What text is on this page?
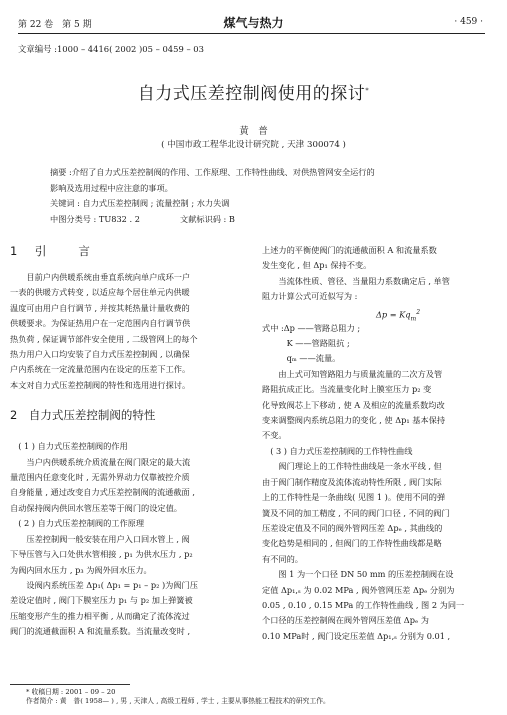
第 22 卷　第 5 期	煤气与热力	· 459 ·
文章编号 :1000 – 4416( 2002 )05 – 0459 – 03
自力式压差控制阀使用的探讨*
黄　普
( 中国市政工程华北设计研究院 , 天津 300074 )
摘要 :介绍了自力式压差控制阀的作用、工作原理、工作特性曲线、对供热管网安全运行的
影响及选用过程中应注意的事项。
关键词 : 自力式压差控制阀 ; 流量控制 ; 水力失调
中图分类号 : TU832 . 2	文献标识码 : B
1　引　　言
　　目前户内供暖系统由垂直系统向单户成环一户
一表的供暖方式转变 , 以适应每个居住单元内供暖
温度可由用户自行调节 , 并按其耗热量计量收费的
供暖要求。为保证热用户在一定范围内自行调节供
热负荷 , 保证调节部件安全使用 , 二级管网上的每个
热力用户入口均安装了自力式压差控制阀 , 以确保
户内系统在一定流量范围内在设定的压差下工作。
本文对自力式压差控制阀的特性和选用进行探讨。
2　自力式压差控制阀的特性
　( 1 ) 自力式压差控制阀的作用
　　当户内供暖系统介质流量在阀门限定的最大流
量范围内任意变化时 , 无需外界动力仅靠被控介质
自身能量 , 通过改变自力式压差控制阀的流通截面 ,
自动保持阀内供回水管压差等于阀门的设定值。
　( 2 ) 自力式压差控制阀的工作原理
　　压差控制阀一般安装在用户入口回水管上 , 阀
下导压管与入口处供水管相接 , p₁ 为供水压力 , p₂
为阀内回水压力 , p₃ 为阀外回水压力。
　　设阀内系统压差 Δp₁( Δp₁ = p₁ – p₂ )为阀门压
差设定值时 , 阀门下膜室压力 p₁ 与 p₂ 加上弹簧被
压缩变形产生的推力相平衡 , 从而确定了流体流过
阀门的流通截面积 A 和流量系数。当流量改变时 ,
上述力的平衡使阀门的流通截面积 A 和流量系数
发生变化 , 但 Δp₁ 保持不变。
　　当流体性质、管径、当量阻力系数确定后 , 单管
阻力计算公式可近似写为 :
$\Delta p = Kq_m^2$
式中 :Δp ——管路总阻力 ;
　　　K ——管路阻抗 ;
　　　qₘ ——流量。
　　由上式可知管路阻力与质量流量的二次方及管
路阻抗成正比。当流量变化时上膜室压力 p₂ 变
化导致阀芯上下移动 , 使 A 及相应的流量系数均改
变来调整阀内系统总阻力的变化 , 使 Δp₁ 基本保持
不变。
　( 3 ) 自力式压差控制阀的工作特性曲线
　　阀门理论上的工作特性曲线是一条水平线 , 但
由于阀门制作精度及流体流动特性所限 , 阀门实际
上的工作特性是一条曲线( 见图 1 )。使用不同的弹
簧及不同的加工精度 , 不同的阀门口径 , 不同的阀门
压差设定值及不同的阀外管网压差 Δpₑ , 其曲线的
变化趋势是相同的 , 但阀门的工作特性曲线都是略
有不同的。
　　图 1 为一个口径 DN 50 mm 的压差控制阀在设
定值 Δp₁,ₛ 为 0.02 MPa , 阀外管网压差 Δpₑ 分别为
0.05 , 0.10 , 0.15 MPa 的工作特性曲线 , 图 2 为同一
个口径的压差控制阀在阀外管网压差值 Δpₑ 为
0.10 MPa时 , 阀门设定压差值 Δp₁,ₛ 分别为 0.01 ,
* 收稿日期 : 2001 – 09 – 20
作者简介 : 黄　普( 1958— ) , 男 , 天津人 , 高级工程师 , 学士 , 主要从事热能工程技术的研究工作。
